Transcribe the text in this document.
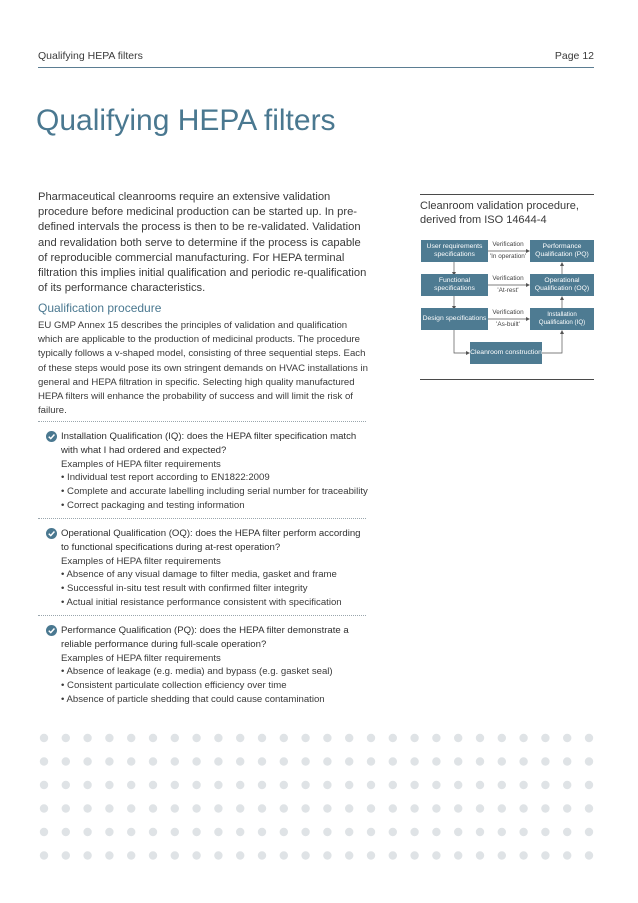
Qualifying HEPA filters	Page 12
Qualifying HEPA filters
Pharmaceutical cleanrooms require an extensive validation procedure before medicinal production can be started up. In pre-defined intervals the process is then to be re-validated. Validation and revalidation both serve to determine if the process is capable of reproducible commercial manufacturing. For HEPA terminal filtration this implies initial qualification and periodic re-qualification of its performance characteristics.
Qualification procedure
EU GMP Annex 15 describes the principles of validation and qualification which are applicable to the production of medicinal products. The procedure typically follows a v-shaped model, consisting of three sequential steps. Each of these steps would pose its own stringent demands on HVAC installations in general and HEPA filtration in specific. Selecting high quality manufactured HEPA filters will enhance the probability of success and will limit the risk of failure.
Installation Qualification (IQ): does the HEPA filter specification match with what I had ordered and expected?
Examples of HEPA filter requirements
• Individual test report according to EN1822:2009
• Complete and accurate labelling including serial number for traceability
• Correct packaging and testing information
Operational Qualification (OQ): does the HEPA filter perform according to functional specifications during at-rest operation?
Examples of HEPA filter requirements
• Absence of any visual damage to filter media, gasket and frame
• Successful in-situ test result with confirmed filter integrity
• Actual initial resistance performance consistent with specification
Performance Qualification (PQ): does the HEPA filter demonstrate a reliable performance during full-scale operation?
Examples of HEPA filter requirements
• Absence of leakage (e.g. media) and bypass (e.g. gasket seal)
• Consistent particulate collection efficiency over time
• Absence of particle shedding that could cause contamination
Cleanroom validation procedure, derived from ISO 14644-4
User requirements specifications
Functional specifications
Design specifications
Cleanroom construction
Performance Qualification (PQ)
Operational Qualification (OQ)
Installation Qualification (IQ)
Verification
'In operation'
Verification
'At-rest'
Verification
'As-built'
